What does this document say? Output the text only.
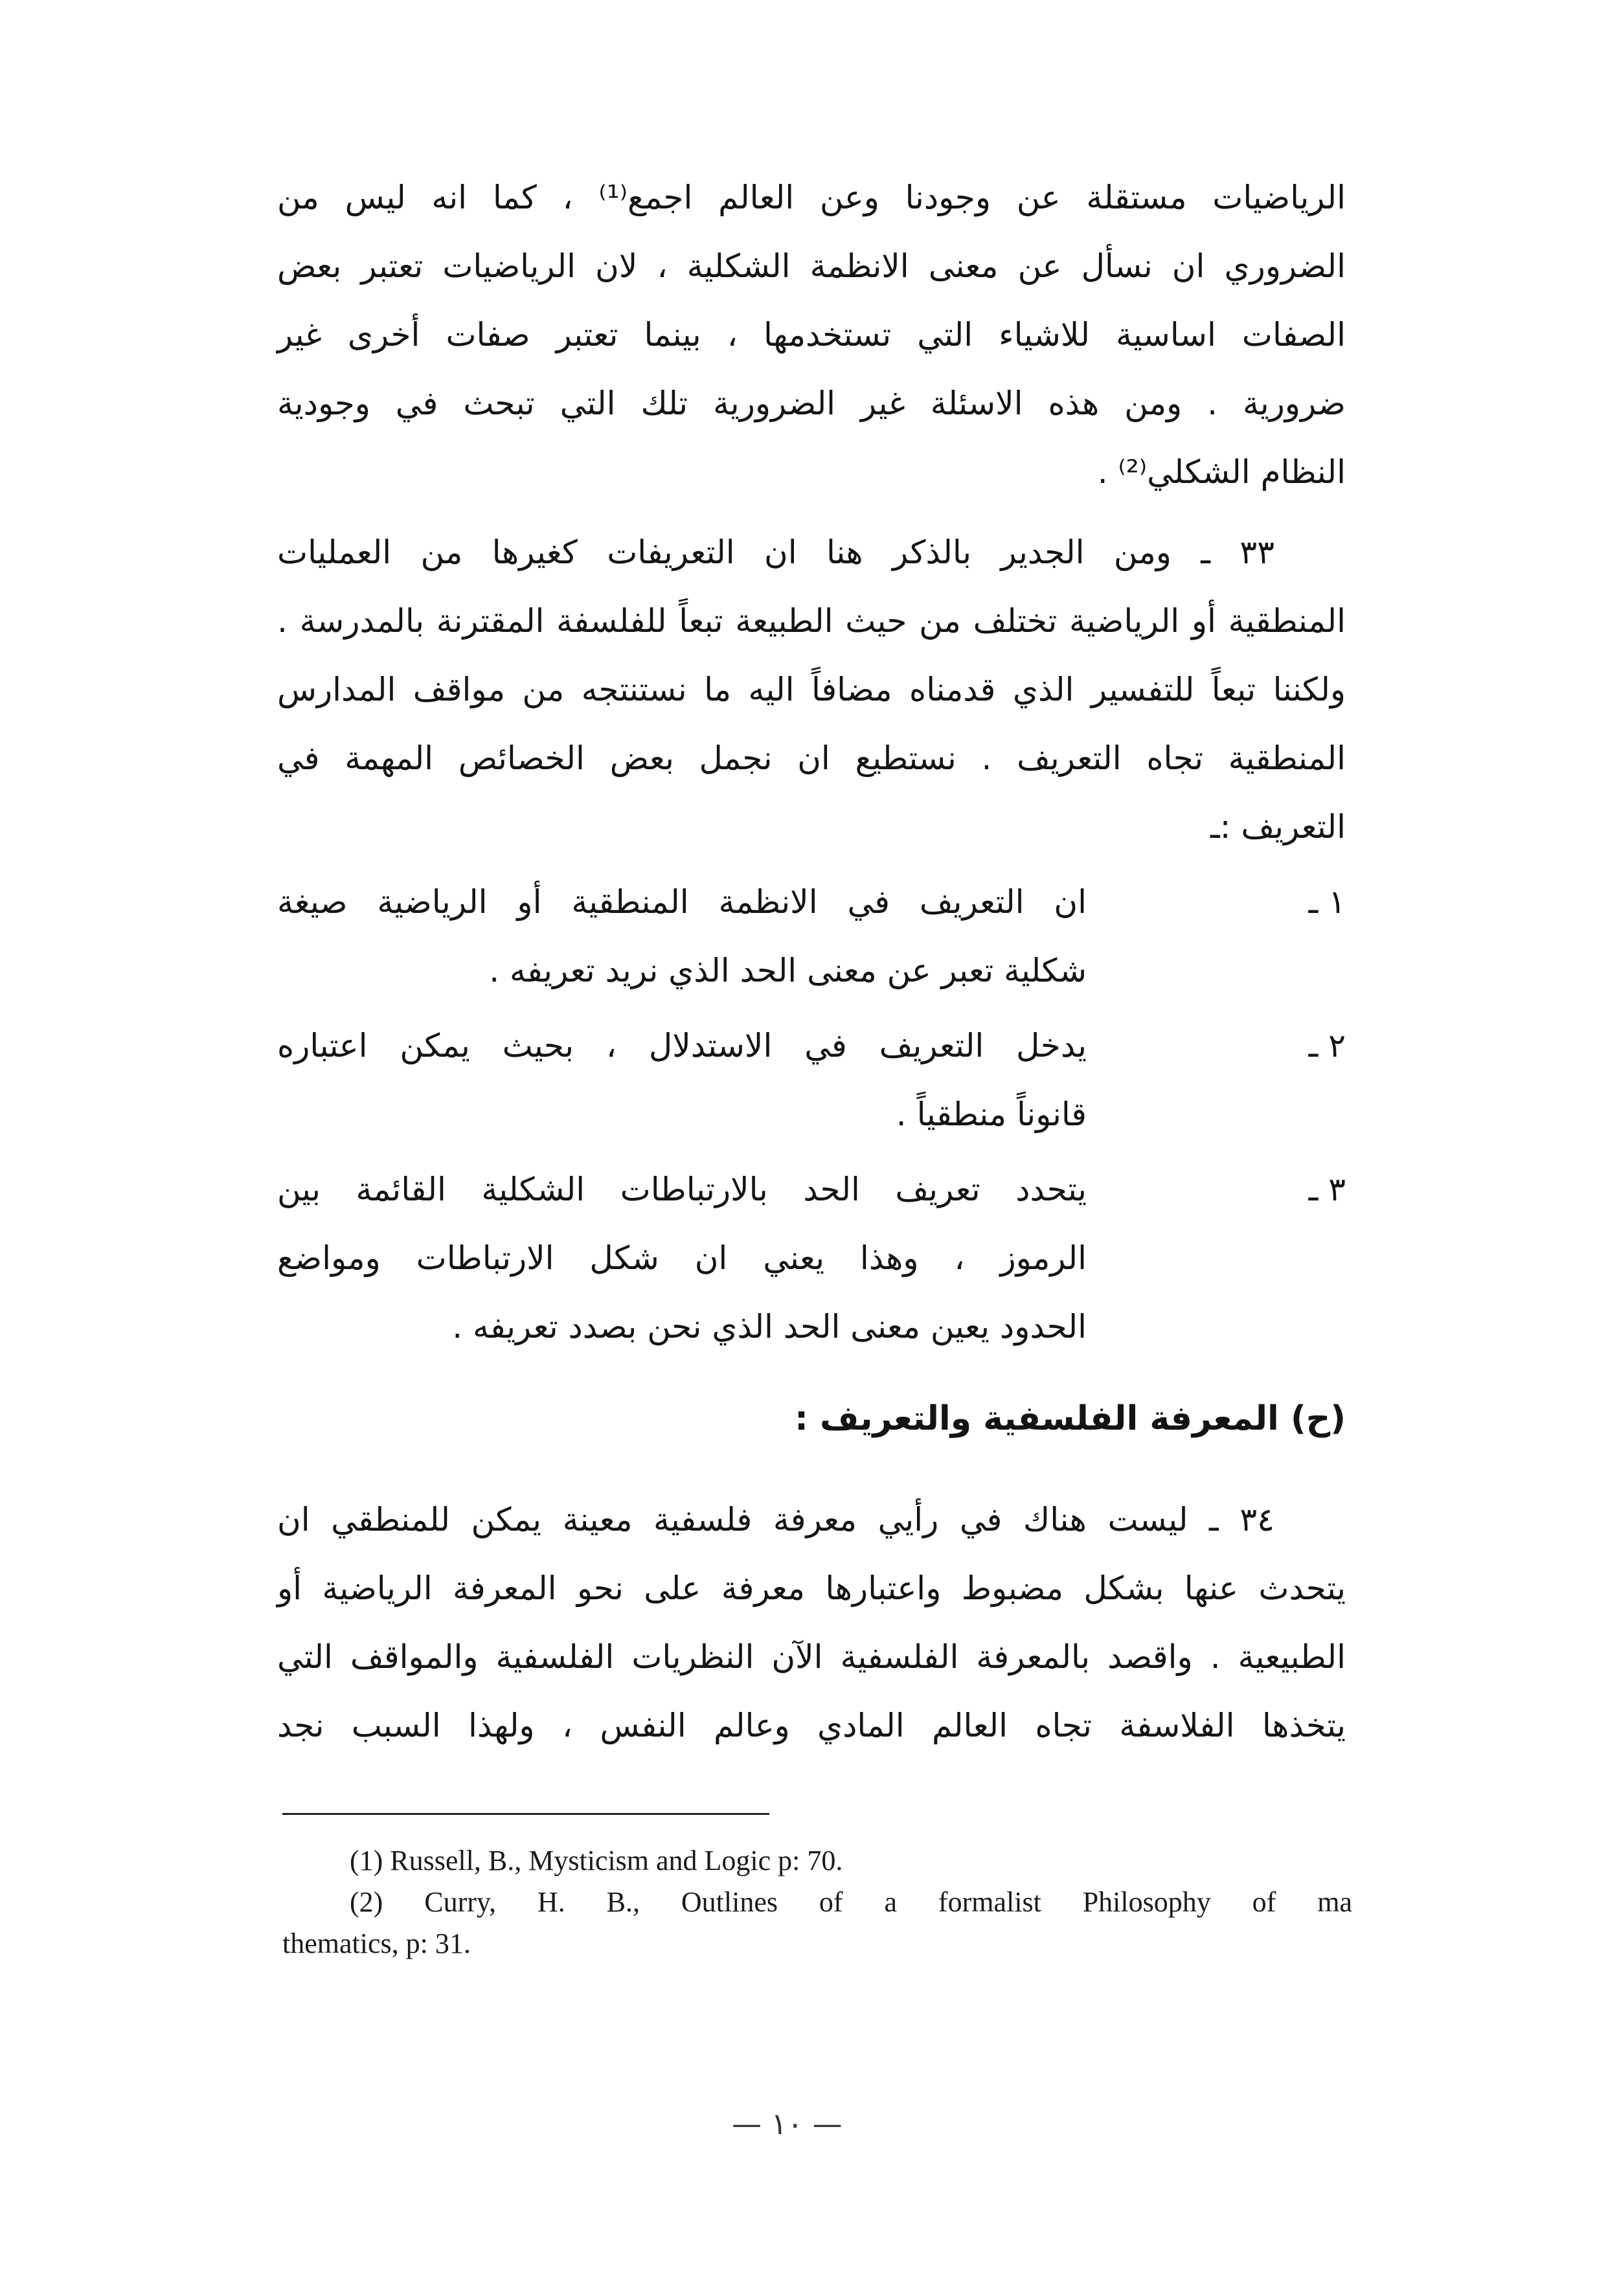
الرياضيات مستقلة عن وجودنا وعن العالم اجمع⁽¹⁾ ، كما انه ليس من
الضروري ان نسأل عن معنى الانظمة الشكلية ، لان الرياضيات تعتبر بعض
الصفات اساسية للاشياء التي تستخدمها ، بينما تعتبر صفات أخرى غير
ضرورية . ومن هذه الاسئلة غير الضرورية تلك التي تبحث في وجودية
النظام الشكلي⁽²⁾ .
٣٣ ـ ومن الجدير بالذكر هنا ان التعريفات كغيرها من العمليات
المنطقية أو الرياضية تختلف من حيث الطبيعة تبعاً للفلسفة المقترنة بالمدرسة .
ولكننا تبعاً للتفسير الذي قدمناه مضافاً اليه ما نستنتجه من مواقف المدارس
المنطقية تجاه التعريف . نستطيع ان نجمل بعض الخصائص المهمة في
التعريف :ـ
١ ـ
ان التعريف في الانظمة المنطقية أو الرياضية صيغة
شكلية تعبر عن معنى الحد الذي نريد تعريفه .
٢ ـ
يدخل التعريف في الاستدلال ، بحيث يمكن اعتباره
قانوناً منطقياً .
٣ ـ
يتحدد تعريف الحد بالارتباطات الشكلية القائمة بين
الرموز ، وهذا يعني ان شكل الارتباطات ومواضع
الحدود يعين معنى الحد الذي نحن بصدد تعريفه .
(ح) المعرفة الفلسفية والتعريف :
٣٤ ـ ليست هناك في رأيي معرفة فلسفية معينة يمكن للمنطقي ان
يتحدث عنها بشكل مضبوط واعتبارها معرفة على نحو المعرفة الرياضية أو
الطبيعية . واقصد بالمعرفة الفلسفية الآن النظريات الفلسفية والمواقف التي
يتخذها الفلاسفة تجاه العالم المادي وعالم النفس ، ولهذا السبب نجد
(1) Russell, B., Mysticism and Logic p: 70.
(2) Curry, H. B., Outlines of a formalist Philosophy of ma
thematics, p: 31.
— ١٠ —
